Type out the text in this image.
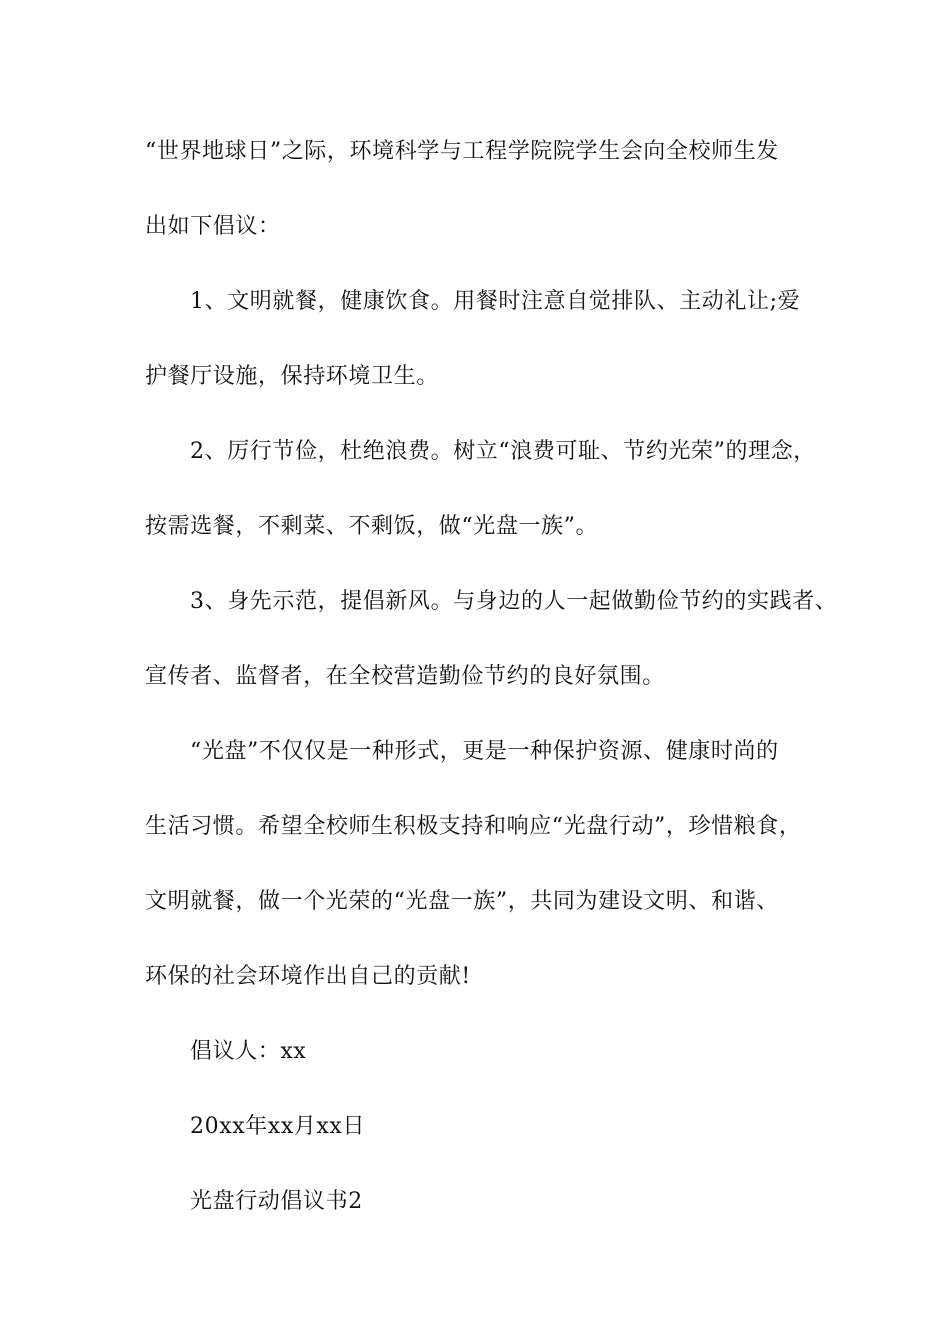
“世界地球日”之际，环境科学与工程学院院学生会向全校师生发
出如下倡议：
1、文明就餐，健康饮食。用餐时注意自觉排队、主动礼让;爱
护餐厅设施，保持环境卫生。
2、厉行节俭，杜绝浪费。树立“浪费可耻、节约光荣”的理念，
按需选餐，不剩菜、不剩饭，做“光盘一族”。
3、身先示范，提倡新风。与身边的人一起做勤俭节约的实践者、
宣传者、监督者，在全校营造勤俭节约的良好氛围。
“光盘”不仅仅是一种形式，更是一种保护资源、健康时尚的
生活习惯。希望全校师生积极支持和响应“光盘行动”，珍惜粮食，
文明就餐，做一个光荣的“光盘一族”，共同为建设文明、和谐、
环保的社会环境作出自己的贡献!
倡议人：xx
20xx年xx月xx日
光盘行动倡议书2
